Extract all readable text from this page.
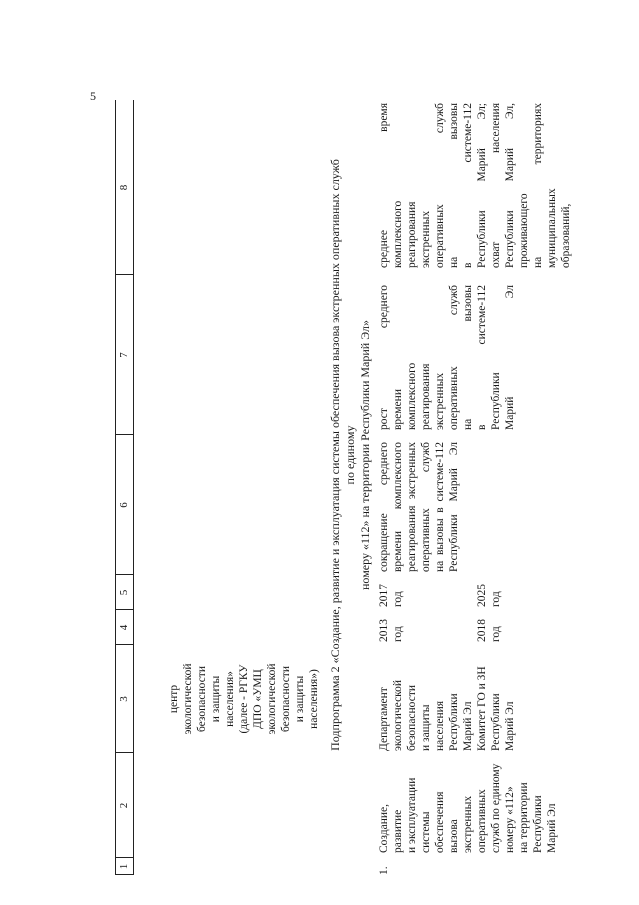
5
1
2
3
4
5
6
7
8
центр
экологической
безопасности
и защиты
населения»
(далее - РГКУ
ДПО «УМЦ
экологической
безопасности
и защиты
населения») Подпрограмма 2 «Создание, развитие и эксплуатация системы обеспечения вызова экстренных оперативных служб по единому
номеру «112» на территории Республики Марий Эл»
1.
Создание,
развитие
и эксплуатации
системы
обеспечения
вызова
экстренных
оперативных
служб по единому
номеру «112»
на территории
Республики
Марий Эл
Департамент
экологической
безопасности
и защиты
населения
Республики
Марий Эл
Комитет ГО и ЗН
Республики
Марий Эл
2013
год
2017
год
2018
год
2025
год
сокращение среднего
времени комплексного
реагирования экстренных
оперативных служб
на вызовы в системе-112
Республики Марий Эл
рост среднего
времени
комплексного
реагирования
экстренных
оперативных служб
на вызовы
в системе-112
Республики
Марий Эл
среднее время
комплексного
реагирования
экстренных
оперативных служб
на вызовы
в системе-112
Республики Марий Эл;
охват населения
Республики Марий Эл,
проживающего
на территориях
муниципальных
образований,
